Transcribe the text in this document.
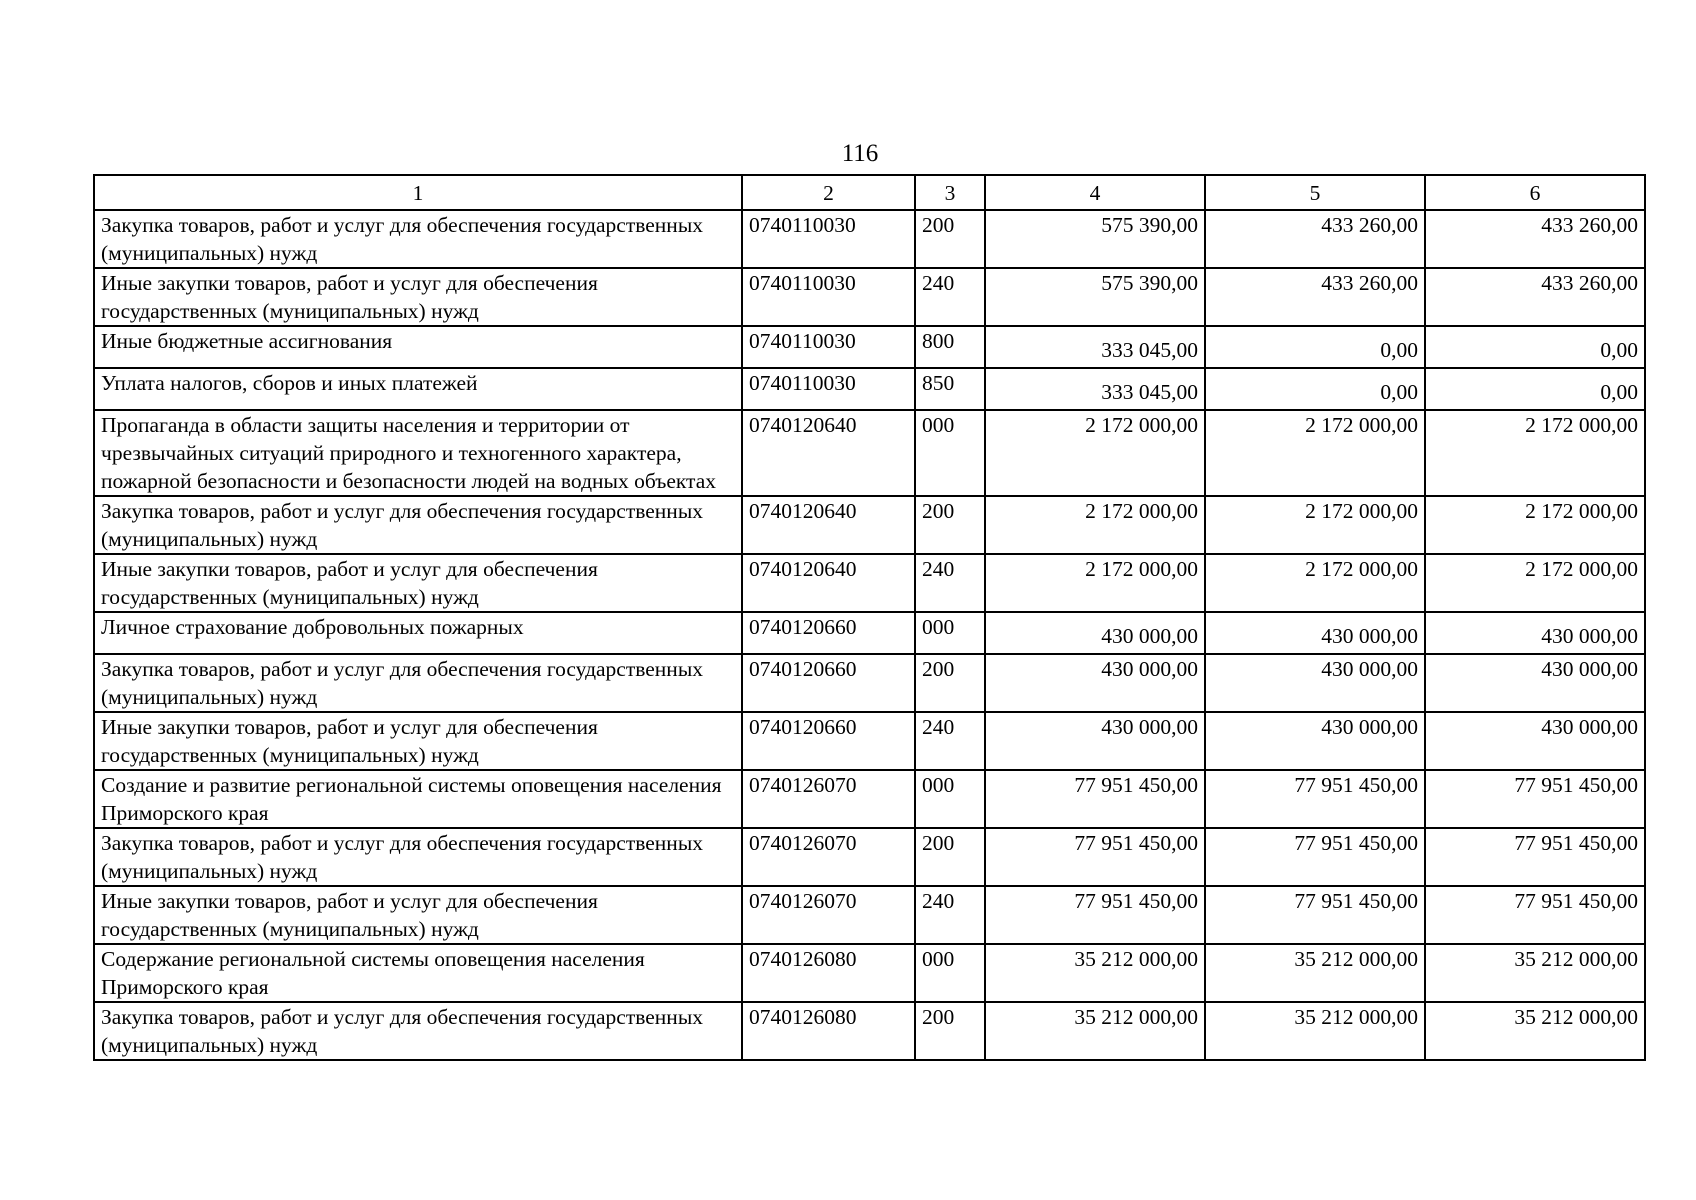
116
1	2	3	4	5	6
Закупка товаров, работ и услуг для обеспечения государственных (муниципальных) нужд	0740110030	200	575 390,00	433 260,00	433 260,00
Иные закупки товаров, работ и услуг для обеспечения государственных (муниципальных) нужд	0740110030	240	575 390,00	433 260,00	433 260,00
Иные бюджетные ассигнования	0740110030	800	333 045,00	0,00	0,00
Уплата налогов, сборов и иных платежей	0740110030	850	333 045,00	0,00	0,00
Пропаганда в области защиты населения и территории от чрезвычайных ситуаций природного и техногенного характера, пожарной безопасности и безопасности людей на водных объектах	0740120640	000	2 172 000,00	2 172 000,00	2 172 000,00
Закупка товаров, работ и услуг для обеспечения государственных (муниципальных) нужд	0740120640	200	2 172 000,00	2 172 000,00	2 172 000,00
Иные закупки товаров, работ и услуг для обеспечения государственных (муниципальных) нужд	0740120640	240	2 172 000,00	2 172 000,00	2 172 000,00
Личное страхование добровольных пожарных	0740120660	000	430 000,00	430 000,00	430 000,00
Закупка товаров, работ и услуг для обеспечения государственных (муниципальных) нужд	0740120660	200	430 000,00	430 000,00	430 000,00
Иные закупки товаров, работ и услуг для обеспечения государственных (муниципальных) нужд	0740120660	240	430 000,00	430 000,00	430 000,00
Создание и развитие региональной системы оповещения населения Приморского края	0740126070	000	77 951 450,00	77 951 450,00	77 951 450,00
Закупка товаров, работ и услуг для обеспечения государственных (муниципальных) нужд	0740126070	200	77 951 450,00	77 951 450,00	77 951 450,00
Иные закупки товаров, работ и услуг для обеспечения государственных (муниципальных) нужд	0740126070	240	77 951 450,00	77 951 450,00	77 951 450,00
Содержание региональной системы оповещения населения Приморского края	0740126080	000	35 212 000,00	35 212 000,00	35 212 000,00
Закупка товаров, работ и услуг для обеспечения государственных (муниципальных) нужд	0740126080	200	35 212 000,00	35 212 000,00	35 212 000,00
